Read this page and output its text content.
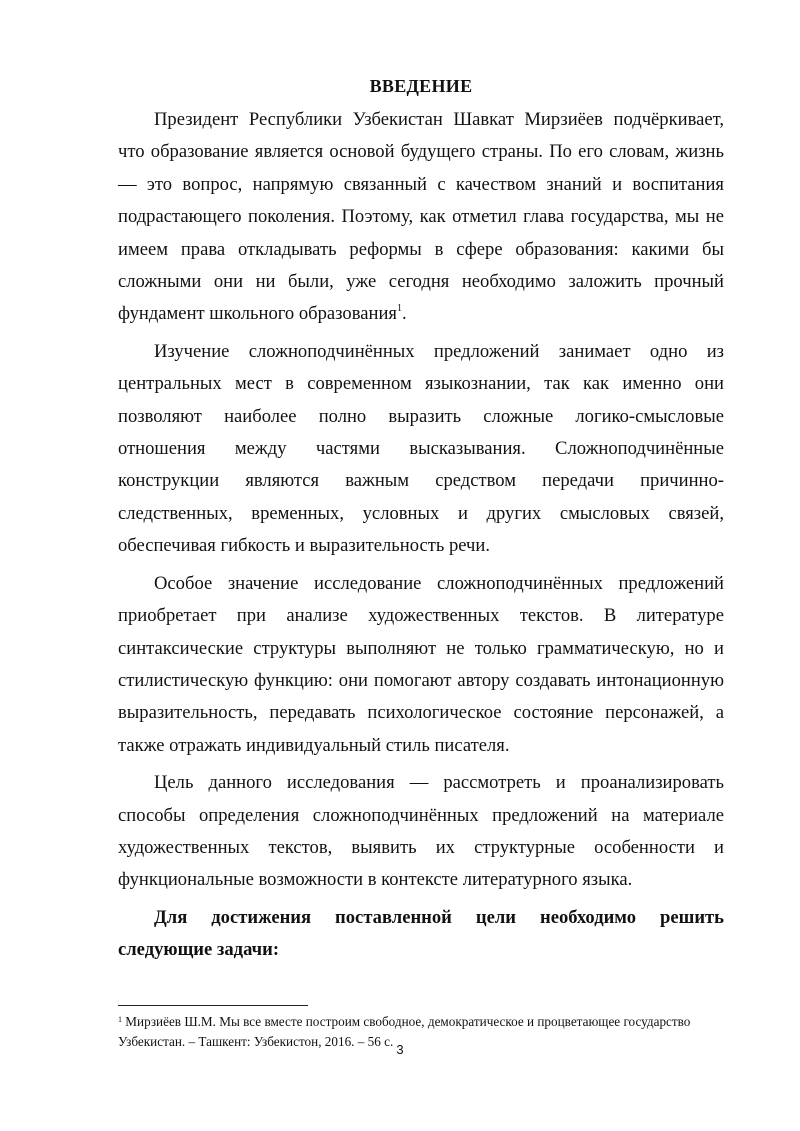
ВВЕДЕНИЕ

Президент Республики Узбекистан Шавкат Мирзиёев подчёркивает, что образование является основой будущего страны. По его словам, жизнь — это вопрос, напрямую связанный с качеством знаний и воспитания подрастающего поколения. Поэтому, как отметил глава государства, мы не имеем права откладывать реформы в сфере образования: какими бы сложными они ни были, уже сегодня необходимо заложить прочный фундамент школьного образования$^1$.

Изучение сложноподчинённых предложений занимает одно из центральных мест в современном языкознании, так как именно они позволяют наиболее полно выразить сложные логико-смысловые отношения между частями высказывания. Сложноподчинённые конструкции являются важным средством передачи причинно-следственных, временных, условных и других смысловых связей, обеспечивая гибкость и выразительность речи.

Особое значение исследование сложноподчинённых предложений приобретает при анализе художественных текстов. В литературе синтаксические структуры выполняют не только грамматическую, но и стилистическую функцию: они помогают автору создавать интонационную выразительность, передавать психологическое состояние персонажей, а также отражать индивидуальный стиль писателя.

Цель данного исследования — рассмотреть и проанализировать способы определения сложноподчинённых предложений на материале художественных текстов, выявить их структурные особенности и функциональные возможности в контексте литературного языка.

Для достижения поставленной цели необходимо решить следующие задачи:

$^1$ Мирзиёев Ш.М. Мы все вместе построим свободное, демократическое и процветающее государство Узбекистан. – Ташкент: Узбекистон, 2016. – 56 с.

3
